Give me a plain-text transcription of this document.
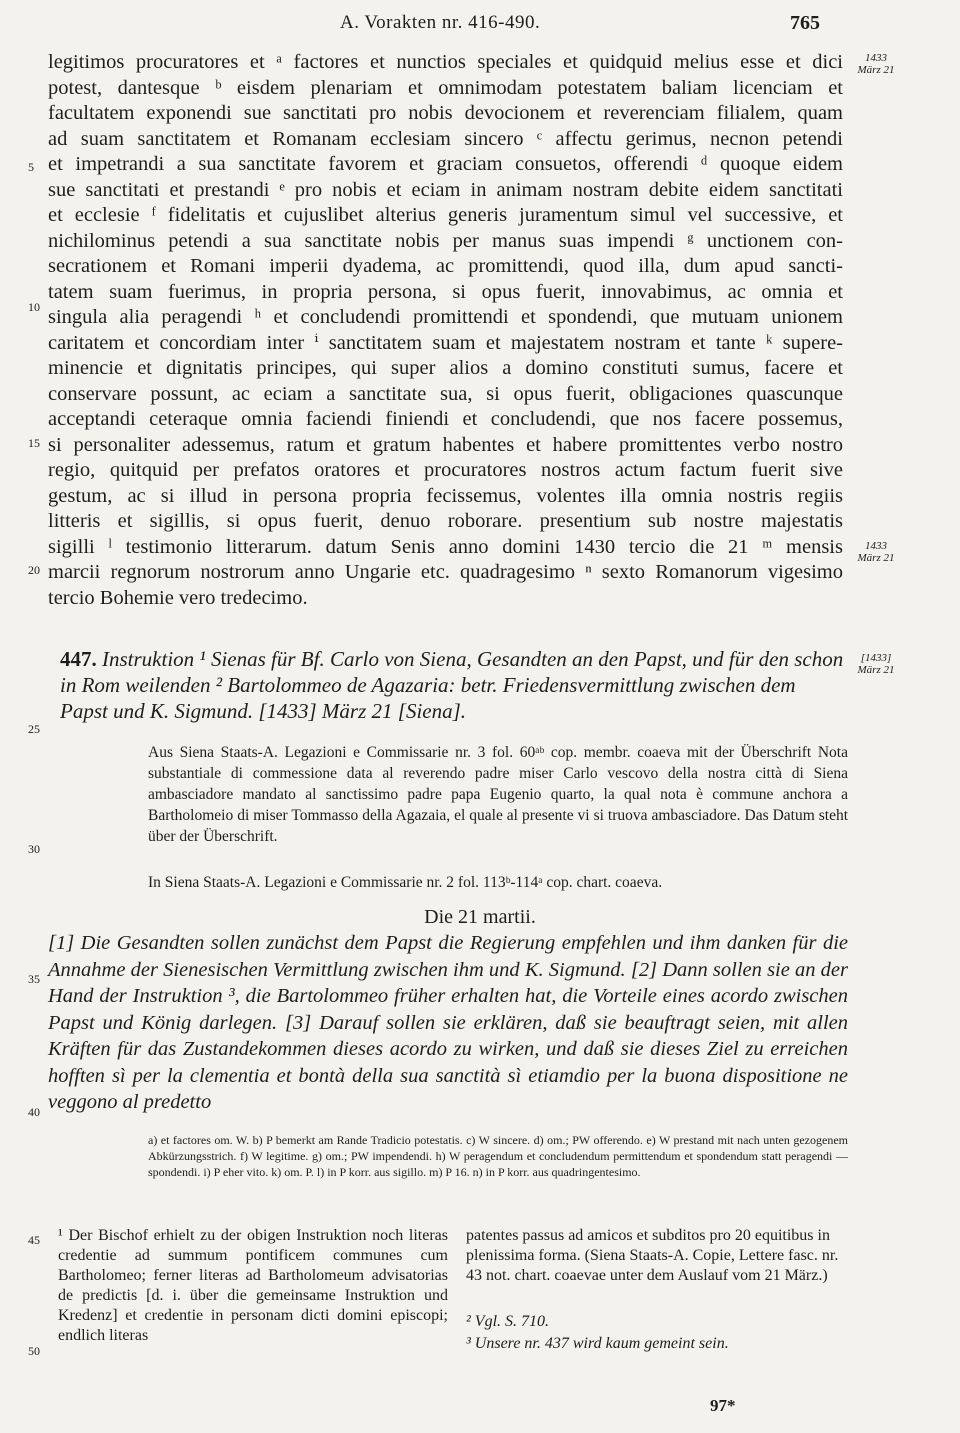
A. Vorakten nr. 416-490.	765
legitimos procuratores et ᵃ factores et nunctios speciales et quidquid melius esse et dici
potest, dantesque ᵇ eisdem plenariam et omnimodam potestatem baliam licenciam et
facultatem exponendi sue sanctitati pro nobis devocionem et reverenciam filialem, quam
ad suam sanctitatem et Romanam ecclesiam sincero ᶜ affectu gerimus, necnon petendi
et impetrandi a sua sanctitate favorem et graciam consuetos, offerendi ᵈ quoque eidem
sue sanctitati et prestandi ᵉ pro nobis et eciam in animam nostram debite eidem sanctitati
et ecclesie ᶠ fidelitatis et cujuslibet alterius generis juramentum simul vel successive, et
nichilominus petendi a sua sanctitate nobis per manus suas impendi ᵍ unctionem con-
secrationem et Romani imperii dyadema, ac promittendi, quod illa, dum apud sancti-
tatem suam fuerimus, in propria persona, si opus fuerit, innovabimus, ac omnia et
singula alia peragendi ʰ et concludendi promittendi et spondendi, que mutuam unionem
caritatem et concordiam inter ⁱ sanctitatem suam et majestatem nostram et tante ᵏ supere-
minencie et dignitatis principes, qui super alios a domino constituti sumus, facere et
conservare possunt, ac eciam a sanctitate sua, si opus fuerit, obligaciones quascunque
acceptandi ceteraque omnia faciendi finiendi et concludendi, que nos facere possemus,
si personaliter adessemus, ratum et gratum habentes et habere promittentes verbo nostro
regio, quitquid per prefatos oratores et procuratores nostros actum factum fuerit sive
gestum, ac si illud in persona propria fecissemus, volentes illa omnia nostris regiis
litteris et sigillis, si opus fuerit, denuo roborare. presentium sub nostre majestatis
sigilli ˡ testimonio litterarum. datum Senis anno domini 1430 tercio die 21 ᵐ mensis
marcii regnorum nostrorum anno Ungarie etc. quadragesimo ⁿ sexto Romanorum vigesimo
tercio Bohemie vero tredecimo.
5
10
15
20
25
30
35
40
45
50
1433
März 21
1433
März 21
[1433]
März 21
447. Instruktion ¹ Sienas für Bf. Carlo von Siena, Gesandten an den Papst, und für den schon in Rom weilenden ² Bartolommeo de Agazaria: betr. Friedensvermittlung zwischen dem Papst und K. Sigmund. [1433] März 21 [Siena].
Aus Siena Staats-A. Legazioni e Commissarie nr. 3 fol. 60ᵃᵇ cop. membr. coaeva mit der Überschrift Nota substantiale di commessione data al reverendo padre miser Carlo vescovo della nostra città di Siena ambasciadore mandato al sanctissimo padre papa Eugenio quarto, la qual nota è commune anchora a Bartholomeio di miser Tommasso della Agazaia, el quale al presente vi si truova ambasciadore. Das Datum steht über der Überschrift.
In Siena Staats-A. Legazioni e Commissarie nr. 2 fol. 113ᵇ-114ᵃ cop. chart. coaeva.
Die 21 martii.
[1] Die Gesandten sollen zunächst dem Papst die Regierung empfehlen und ihm danken für die Annahme der Sienesischen Vermittlung zwischen ihm und K. Sigmund. [2] Dann sollen sie an der Hand der Instruktion ³, die Bartolommeo früher erhalten hat, die Vorteile eines acordo zwischen Papst und König darlegen. [3] Darauf sollen sie erklären, daß sie beauftragt seien, mit allen Kräften für das Zustandekommen dieses acordo zu wirken, und daß sie dieses Ziel zu erreichen hofften sì per la clementia et bontà della sua sanctità sì etiamdio per la buona dispositione ne veggono al predetto
a) et factores om. W. b) P bemerkt am Rande Tradicio potestatis. c) W sincere. d) om.; PW offerendo. e) W prestand mit nach unten gezogenem Abkürzungsstrich. f) W legitime. g) om.; PW impendendi. h) W peragendum et concludendum permittendum et spondendum statt peragendi — spondendi. i) P eher vito. k) om. P. l) in P korr. aus sigillo. m) P 16. n) in P korr. aus quadringentesimo.
¹ Der Bischof erhielt zu der obigen Instruktion noch literas credentie ad summum pontificem communes cum Bartholomeo; ferner literas ad Bartholomeum advisatorias de predictis [d. i. über die gemeinsame Instruktion und Kredenz] et credentie in personam dicti domini episcopi; endlich literas
patentes passus ad amicos et subditos pro 20 equitibus in plenissima forma. (Siena Staats-A. Copie, Lettere fasc. nr. 43 not. chart. coaevae unter dem Auslauf vom 21 März.)
² Vgl. S. 710.
³ Unsere nr. 437 wird kaum gemeint sein.
97*
